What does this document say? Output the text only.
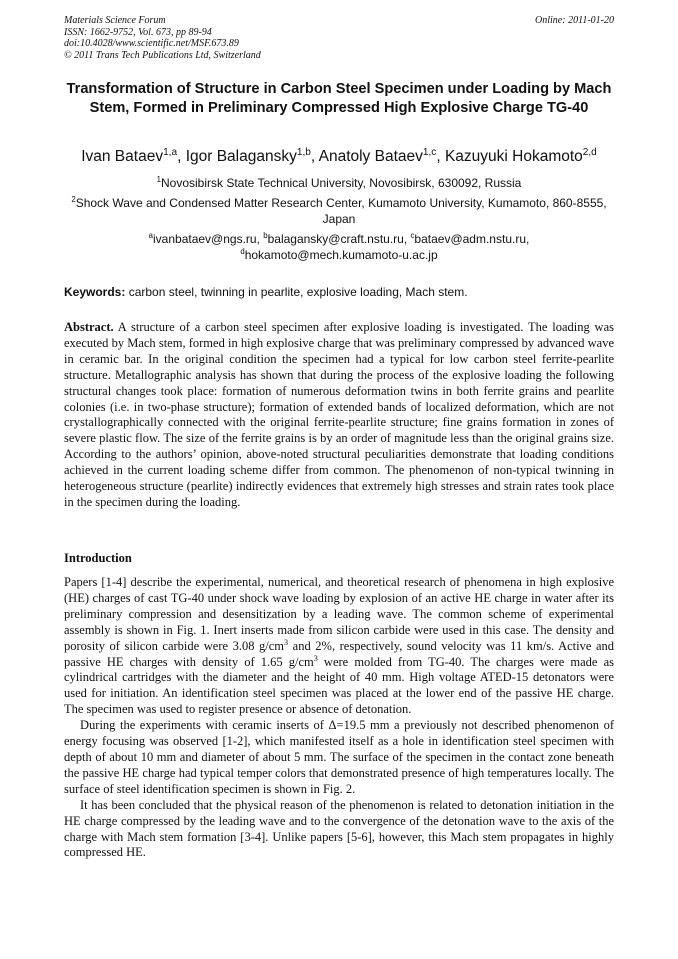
Materials Science Forum
ISSN: 1662-9752, Vol. 673, pp 89-94
doi:10.4028/www.scientific.net/MSF.673.89
© 2011 Trans Tech Publications Ltd, Switzerland
Online: 2011-01-20
Transformation of Structure in Carbon Steel Specimen under Loading by Mach Stem, Formed in Preliminary Compressed High Explosive Charge TG-40
Ivan Bataev$^{1,a}$, Igor Balagansky$^{1,b}$, Anatoly Bataev$^{1,c}$, Kazuyuki Hokamoto$^{2,d}$
$^1$Novosibirsk State Technical University, Novosibirsk, 630092, Russia
$^2$Shock Wave and Condensed Matter Research Center, Kumamoto University, Kumamoto, 860-8555, Japan
$^a$ivanbataev@ngs.ru, $^b$balagansky@craft.nstu.ru, $^c$bataev@adm.nstu.ru,
$^d$hokamoto@mech.kumamoto-u.ac.jp
Keywords: carbon steel, twinning in pearlite, explosive loading, Mach stem.
Abstract. A structure of a carbon steel specimen after explosive loading is investigated. The loading was executed by Mach stem, formed in high explosive charge that was preliminary compressed by advanced wave in ceramic bar. In the original condition the specimen had a typical for low carbon steel ferrite-pearlite structure. Metallographic analysis has shown that during the process of the explosive loading the following structural changes took place: formation of numerous deformation twins in both ferrite grains and pearlite colonies (i.e. in two-phase structure); formation of extended bands of localized deformation, which are not crystallographically connected with the original ferrite-pearlite structure; fine grains formation in zones of severe plastic flow. The size of the ferrite grains is by an order of magnitude less than the original grains size. According to the authors’ opinion, above-noted structural peculiarities demonstrate that loading conditions achieved in the current loading scheme differ from common. The phenomenon of non-typical twinning in heterogeneous structure (pearlite) indirectly evidences that extremely high stresses and strain rates took place in the specimen during the loading.
Introduction

Papers [1-4] describe the experimental, numerical, and theoretical research of phenomena in high explosive (HE) charges of cast TG-40 under shock wave loading by explosion of an active HE charge in water after its preliminary compression and desensitization by a leading wave. The common scheme of experimental assembly is shown in Fig. 1. Inert inserts made from silicon carbide were used in this case. The density and porosity of silicon carbide were 3.08 $g/cm^3$ and 2%, respectively, sound velocity was 11 km/s. Active and passive HE charges with density of 1.65 $g/cm^3$ were molded from TG-40. The charges were made as cylindrical cartridges with the diameter and the height of 40 mm. High voltage ATED-15 detonators were used for initiation. An identification steel specimen was placed at the lower end of the passive HE charge. The specimen was used to register presence or absence of detonation.

During the experiments with ceramic inserts of Δ=19.5 mm a previously not described phenomenon of energy focusing was observed [1-2], which manifested itself as a hole in identification steel specimen with depth of about 10 mm and diameter of about 5 mm. The surface of the specimen in the contact zone beneath the passive HE charge had typical temper colors that demonstrated presence of high temperatures locally. The surface of steel identification specimen is shown in Fig. 2.

It has been concluded that the physical reason of the phenomenon is related to detonation initiation in the HE charge compressed by the leading wave and to the convergence of the detonation wave to the axis of the charge with Mach stem formation [3-4]. Unlike papers [5-6], however, this Mach stem propagates in highly compressed HE.
